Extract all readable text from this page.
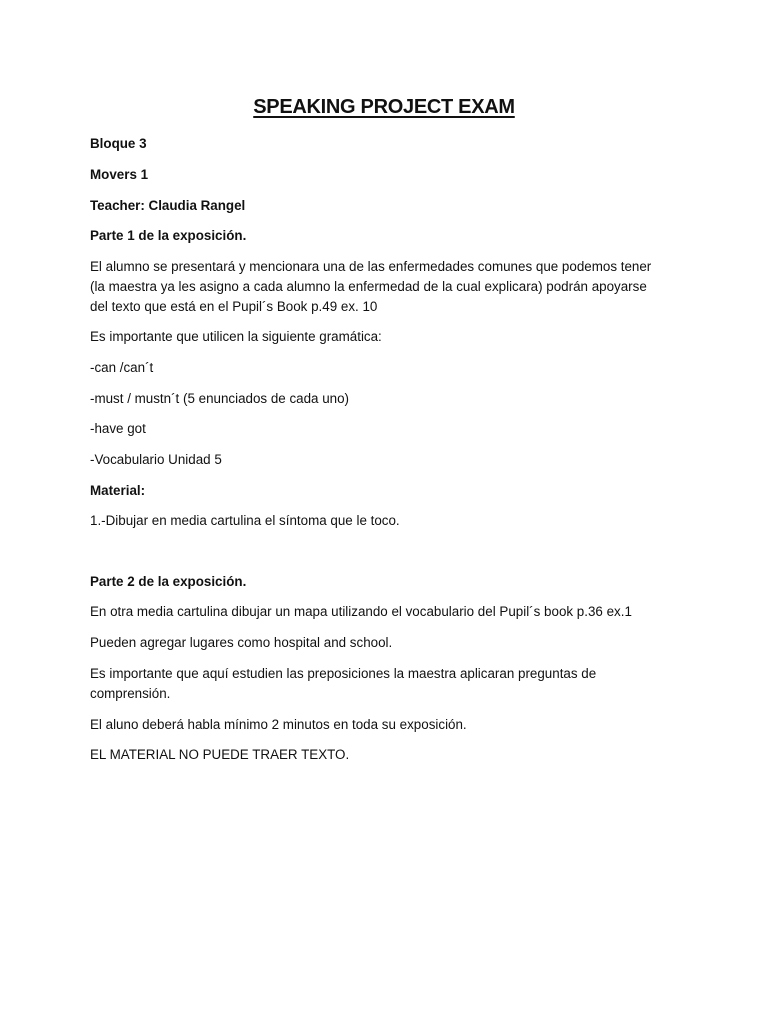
SPEAKING PROJECT EXAM
Bloque 3
Movers 1
Teacher: Claudia Rangel
Parte 1 de la exposición.
El alumno se presentará y mencionara una de las enfermedades comunes que podemos tener
(la maestra ya les asigno a cada alumno la enfermedad de la cual explicara) podrán apoyarse
del texto que está en el Pupil´s Book p.49 ex. 10
Es importante que utilicen la siguiente gramática:
-can /can´t
-must / mustn´t (5 enunciados de cada uno)
-have got
-Vocabulario Unidad 5
Material:
1.-Dibujar en media cartulina el síntoma que le toco.
Parte 2 de la exposición.
En otra media cartulina dibujar un mapa utilizando el vocabulario del Pupil´s book p.36 ex.1
Pueden agregar lugares como hospital and school.
Es importante que aquí estudien las preposiciones la maestra aplicaran preguntas de
comprensión.
El aluno deberá habla mínimo 2 minutos en toda su exposición.
EL MATERIAL NO PUEDE TRAER TEXTO.
